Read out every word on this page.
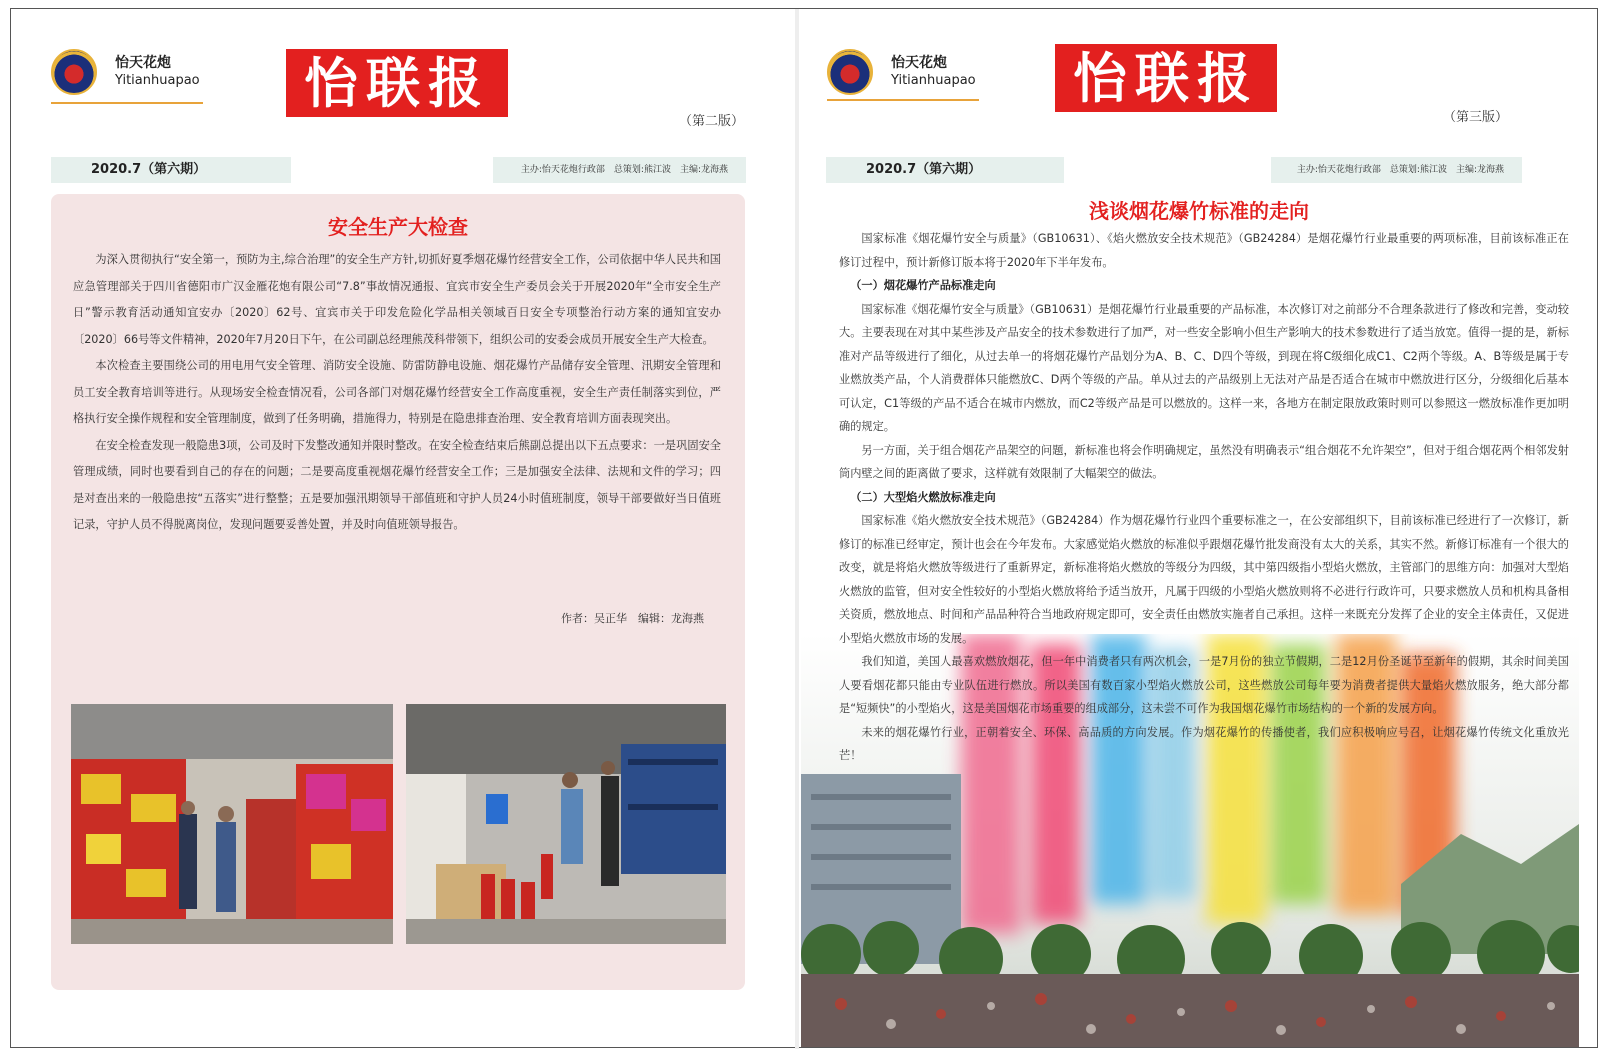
怡天花炮
Yitianhuapao	怡联报
（第二版）
2020.7（第六期）	主办:怡天花炮行政部　总策划:熊江波　主编:龙海燕
安全生产大检查

为深入贯彻执行“安全第一，预防为主,综合治理”的安全生产方针,切抓好夏季烟花爆竹经营安全工作，公司依据中华人民共和国应急管理部关于四川省德阳市广汉金雁花炮有限公司“7.8”事故情况通报、宜宾市安全生产委员会关于开展2020年“全市安全生产日”警示教育活动通知宜安办〔2020〕62号、宜宾市关于印发危险化学品相关领域百日安全专项整治行动方案的通知宜安办〔2020〕66号等文件精神，2020年7月20日下午，在公司副总经理熊茂科带领下，组织公司的安委会成员开展安全生产大检查。

本次检查主要围绕公司的用电用气安全管理、消防安全设施、防雷防静电设施、烟花爆竹产品储存安全管理、汛期安全管理和员工安全教育培训等进行。从现场安全检查情况看，公司各部门对烟花爆竹经营安全工作高度重视，安全生产责任制落实到位，严格执行安全操作规程和安全管理制度，做到了任务明确，措施得力，特别是在隐患排查治理、安全教育培训方面表现突出。

在安全检查发现一般隐患3项，公司及时下发整改通知并限时整改。在安全检查结束后熊副总提出以下五点要求：一是巩固安全管理成绩，同时也要看到自己的存在的问题；二是要高度重视烟花爆竹经营安全工作；三是加强安全法律、法规和文件的学习；四是对查出来的一般隐患按“五落实”进行整整；五是要加强汛期领导干部值班和守护人员24小时值班制度，领导干部要做好当日值班记录，守护人员不得脱离岗位，发现问题要妥善处置，并及时向值班领导报告。

作者：吴正华　编辑：龙海燕
怡天花炮
Yitianhuapao	怡联报
（第三版）
2020.7（第六期）	主办:怡天花炮行政部　总策划:熊江波　主编:龙海燕
浅谈烟花爆竹标准的走向

国家标准《烟花爆竹安全与质量》（GB10631）、《焰火燃放安全技术规范》（GB24284）是烟花爆竹行业最重要的两项标准，目前该标准正在修订过程中，预计新修订版本将于2020年下半年发布。

（一）烟花爆竹产品标准走向

国家标准《烟花爆竹安全与质量》（GB10631）是烟花爆竹行业最重要的产品标准，本次修订对之前部分不合理条款进行了修改和完善，变动较大。主要表现在对其中某些涉及产品安全的技术参数进行了加严，对一些安全影响小但生产影响大的技术参数进行了适当放宽。值得一提的是，新标准对产品等级进行了细化，从过去单一的将烟花爆竹产品划分为A、B、C、D四个等级，到现在将C级细化成C1、C2两个等级。A、B等级是属于专业燃放类产品，个人消费群体只能燃放C、D两个等级的产品。单从过去的产品级别上无法对产品是否适合在城市中燃放进行区分，分级细化后基本可认定，C1等级的产品不适合在城市内燃放，而C2等级产品是可以燃放的。这样一来，各地方在制定限放政策时则可以参照这一燃放标准作更加明确的规定。

另一方面，关于组合烟花产品架空的问题，新标准也将会作明确规定，虽然没有明确表示“组合烟花不允许架空”，但对于组合烟花两个相邻发射筒内壁之间的距离做了要求，这样就有效限制了大幅架空的做法。

（二）大型焰火燃放标准走向

国家标准《焰火燃放安全技术规范》（GB24284）作为烟花爆竹行业四个重要标准之一，在公安部组织下，目前该标准已经进行了一次修订，新修订的标准已经审定，预计也会在今年发布。大家感觉焰火燃放的标准似乎跟烟花爆竹批发商没有太大的关系，其实不然。新修订标准有一个很大的改变，就是将焰火燃放等级进行了重新界定，新标准将焰火燃放的等级分为四级，其中第四级指小型焰火燃放，主管部门的思维方向：加强对大型焰火燃放的监管，但对安全性较好的小型焰火燃放将给予适当放开，凡属于四级的小型焰火燃放则将不必进行行政许可，只要求燃放人员和机构具备相关资质，燃放地点、时间和产品品种符合当地政府规定即可，安全责任由燃放实施者自己承担。这样一来既充分发挥了企业的安全主体责任，又促进小型焰火燃放市场的发展。

我们知道，美国人最喜欢燃放烟花，但一年中消费者只有两次机会，一是7月份的独立节假期，二是12月份圣诞节至新年的假期，其余时间美国人要看烟花都只能由专业队伍进行燃放。所以美国有数百家小型焰火燃放公司，这些燃放公司每年要为消费者提供大量焰火燃放服务，绝大部分都是“短频快”的小型焰火，这是美国烟花市场重要的组成部分，这未尝不可作为我国烟花爆竹市场结构的一个新的发展方向。

未来的烟花爆竹行业，正朝着安全、环保、高品质的方向发展。作为烟花爆竹的传播使者，我们应积极响应号召，让烟花爆竹传统文化重放光芒！
